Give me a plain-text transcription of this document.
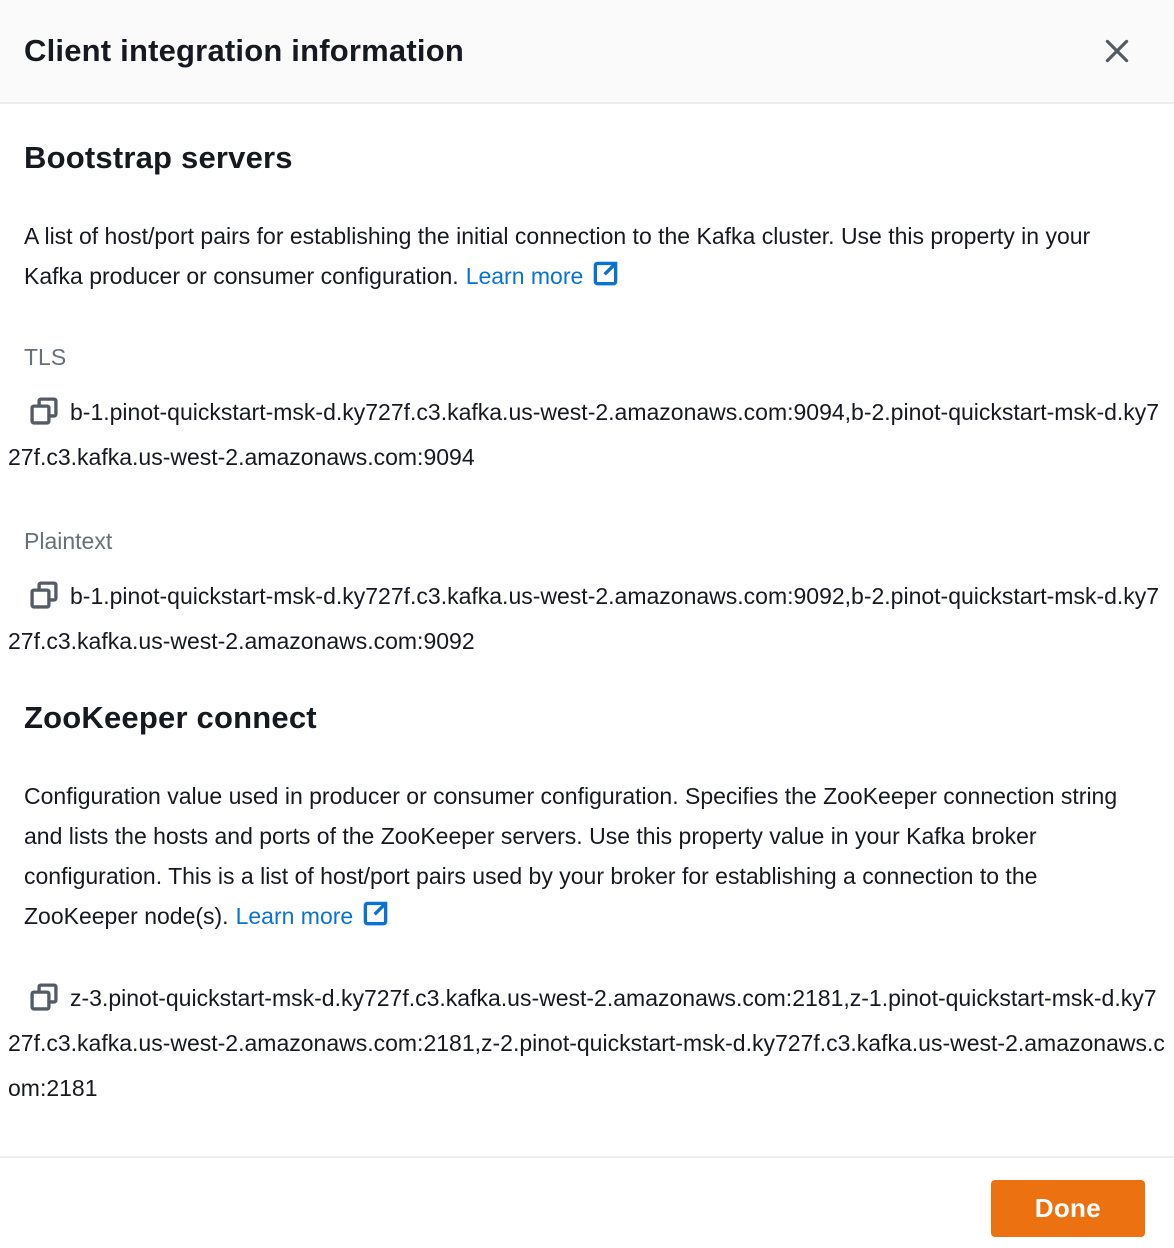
Client integration information
Bootstrap servers

A list of host/port pairs for establishing the initial connection to the Kafka cluster. Use this property in your Kafka producer or consumer configuration. Learn more

TLS
b-1.pinot-quickstart-msk-d.ky727f.c3.kafka.us-west-2.amazonaws.com:9094,b-2.pinot-quickstart-msk-d.ky727f.c3.kafka.us-west-2.amazonaws.com:9094
Plaintext
b-1.pinot-quickstart-msk-d.ky727f.c3.kafka.us-west-2.amazonaws.com:9092,b-2.pinot-quickstart-msk-d.ky727f.c3.kafka.us-west-2.amazonaws.com:9092
ZooKeeper connect

Configuration value used in producer or consumer configuration. Specifies the ZooKeeper connection string and lists the hosts and ports of the ZooKeeper servers. Use this property value in your Kafka broker configuration. This is a list of host/port pairs used by your broker for establishing a connection to the ZooKeeper node(s). Learn more

z-3.pinot-quickstart-msk-d.ky727f.c3.kafka.us-west-2.amazonaws.com:2181,z-1.pinot-quickstart-msk-d.ky727f.c3.kafka.us-west-2.amazonaws.com:2181,z-2.pinot-quickstart-msk-d.ky727f.c3.kafka.us-west-2.amazonaws.com:2181
Done
